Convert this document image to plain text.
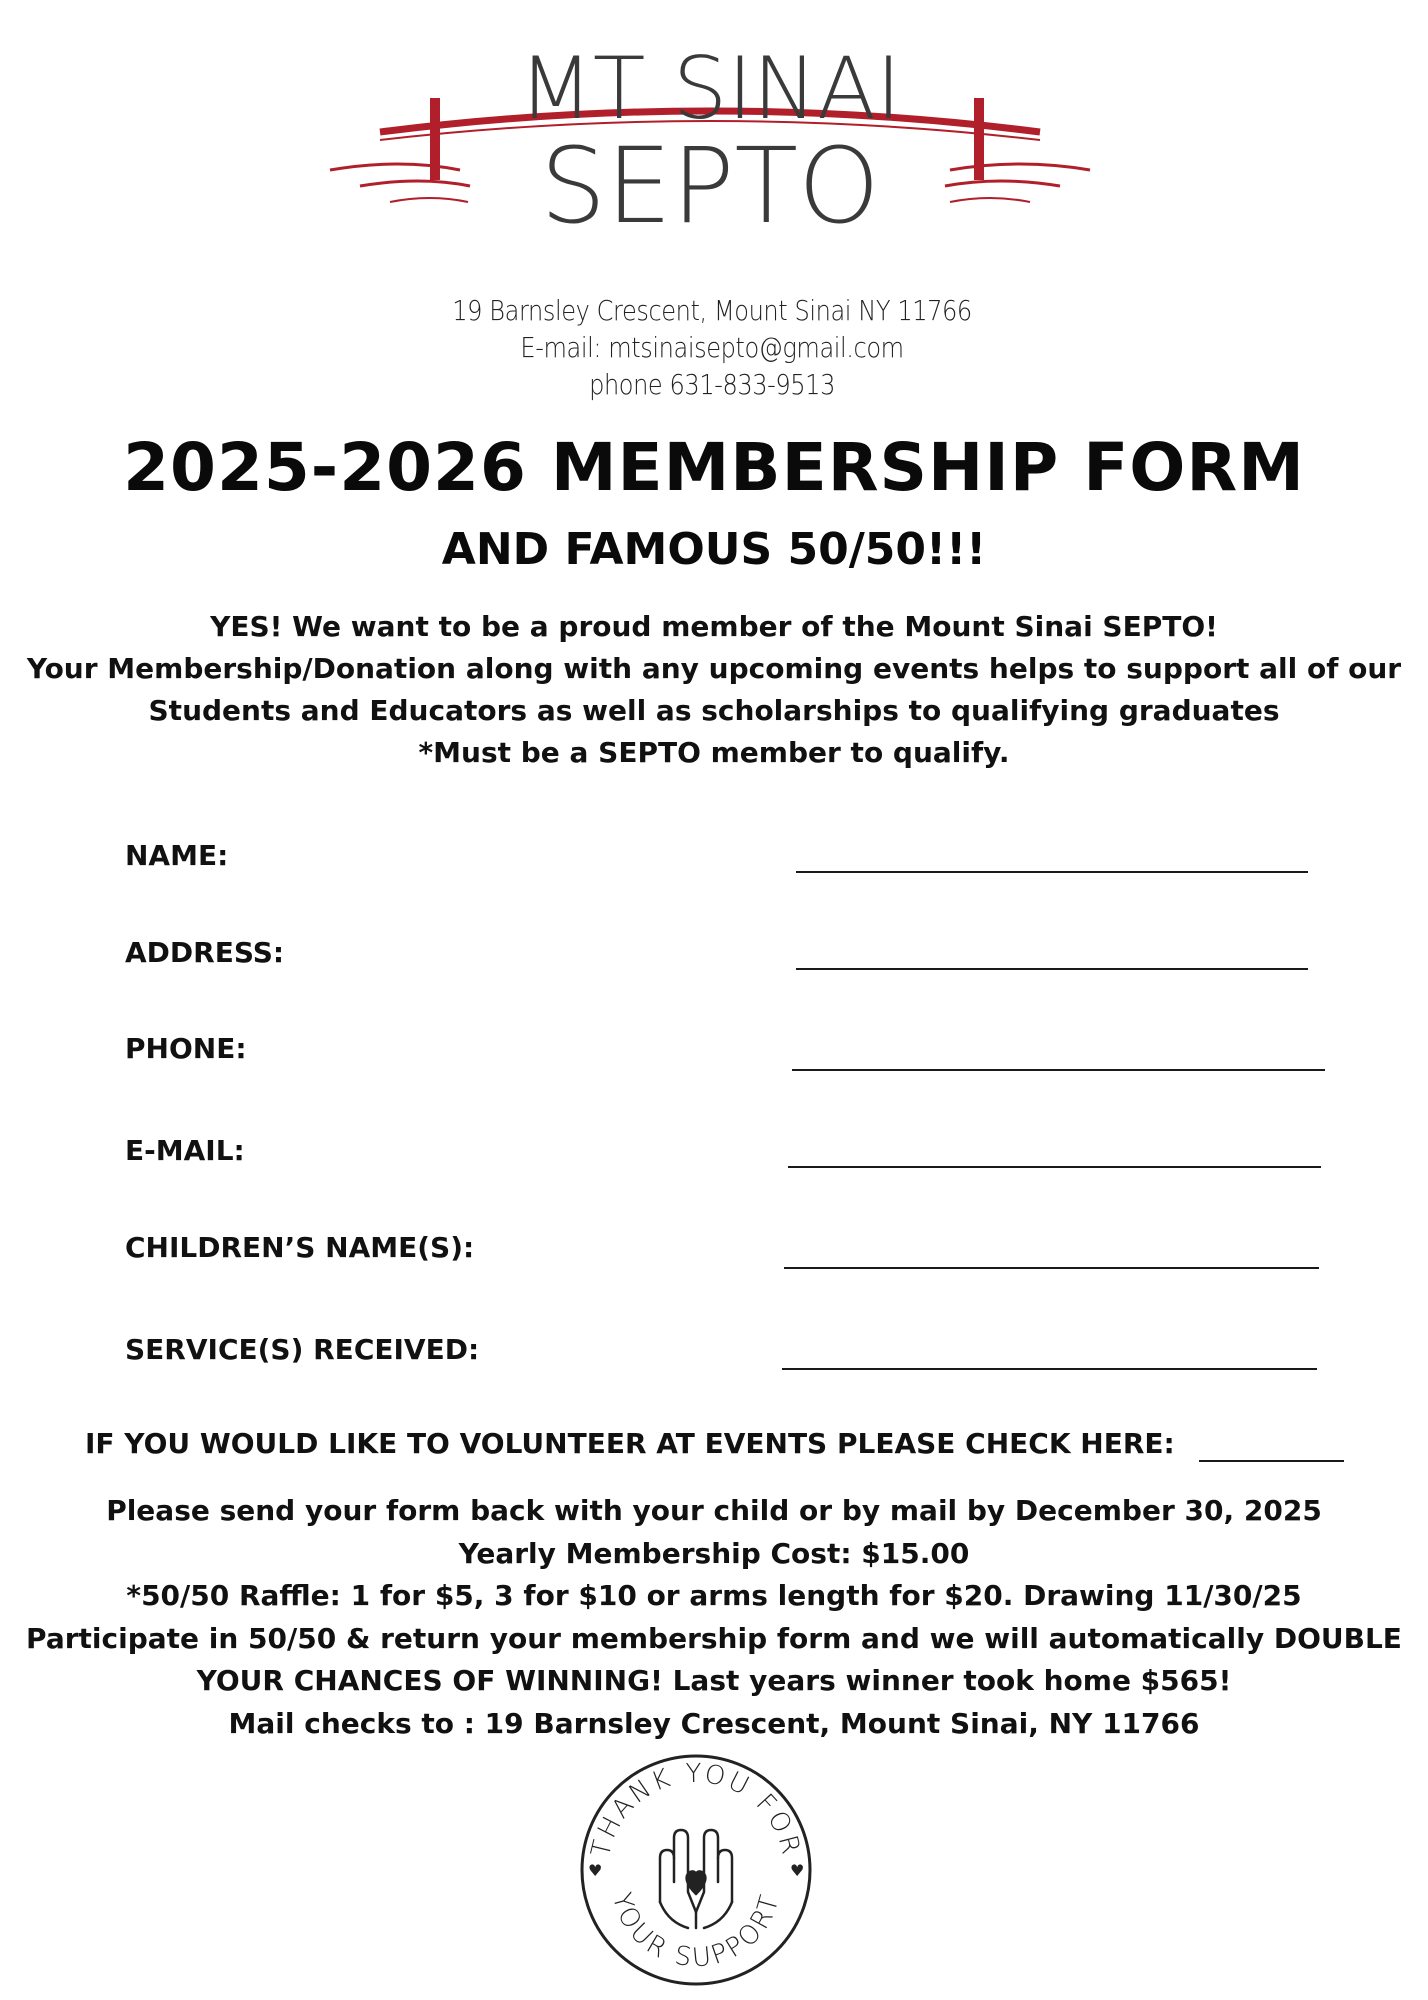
MT SINAI
SEPTO
19 Barnsley Crescent, Mount Sinai NY 11766
E-mail: mtsinaisepto@gmail.com
phone 631-833-9513
2025-2026 MEMBERSHIP FORM
AND FAMOUS 50/50!!!
YES! We want to be a proud member of the Mount Sinai SEPTO!
Your Membership/Donation along with any upcoming events helps to support all of our
Students and Educators as well as scholarships to qualifying graduates
*Must be a SEPTO member to qualify.
NAME:
ADDRESS:
PHONE:
E-MAIL:
CHILDREN’S NAME(S):
SERVICE(S) RECEIVED:
IF YOU WOULD LIKE TO VOLUNTEER AT EVENTS PLEASE CHECK HERE:
Please send your form back with your child or by mail by December 30, 2025
Yearly Membership Cost: $15.00
*50/50 Raffle: 1 for $5, 3 for $10 or arms length for $20. Drawing 11/30/25
Participate in 50/50 & return your membership form and we will automatically DOUBLE
YOUR CHANCES OF WINNING! Last years winner took home $565!
Mail checks to : 19 Barnsley Crescent, Mount Sinai, NY 11766
THANK YOU FOR
YOUR SUPPORT
♥	♥
